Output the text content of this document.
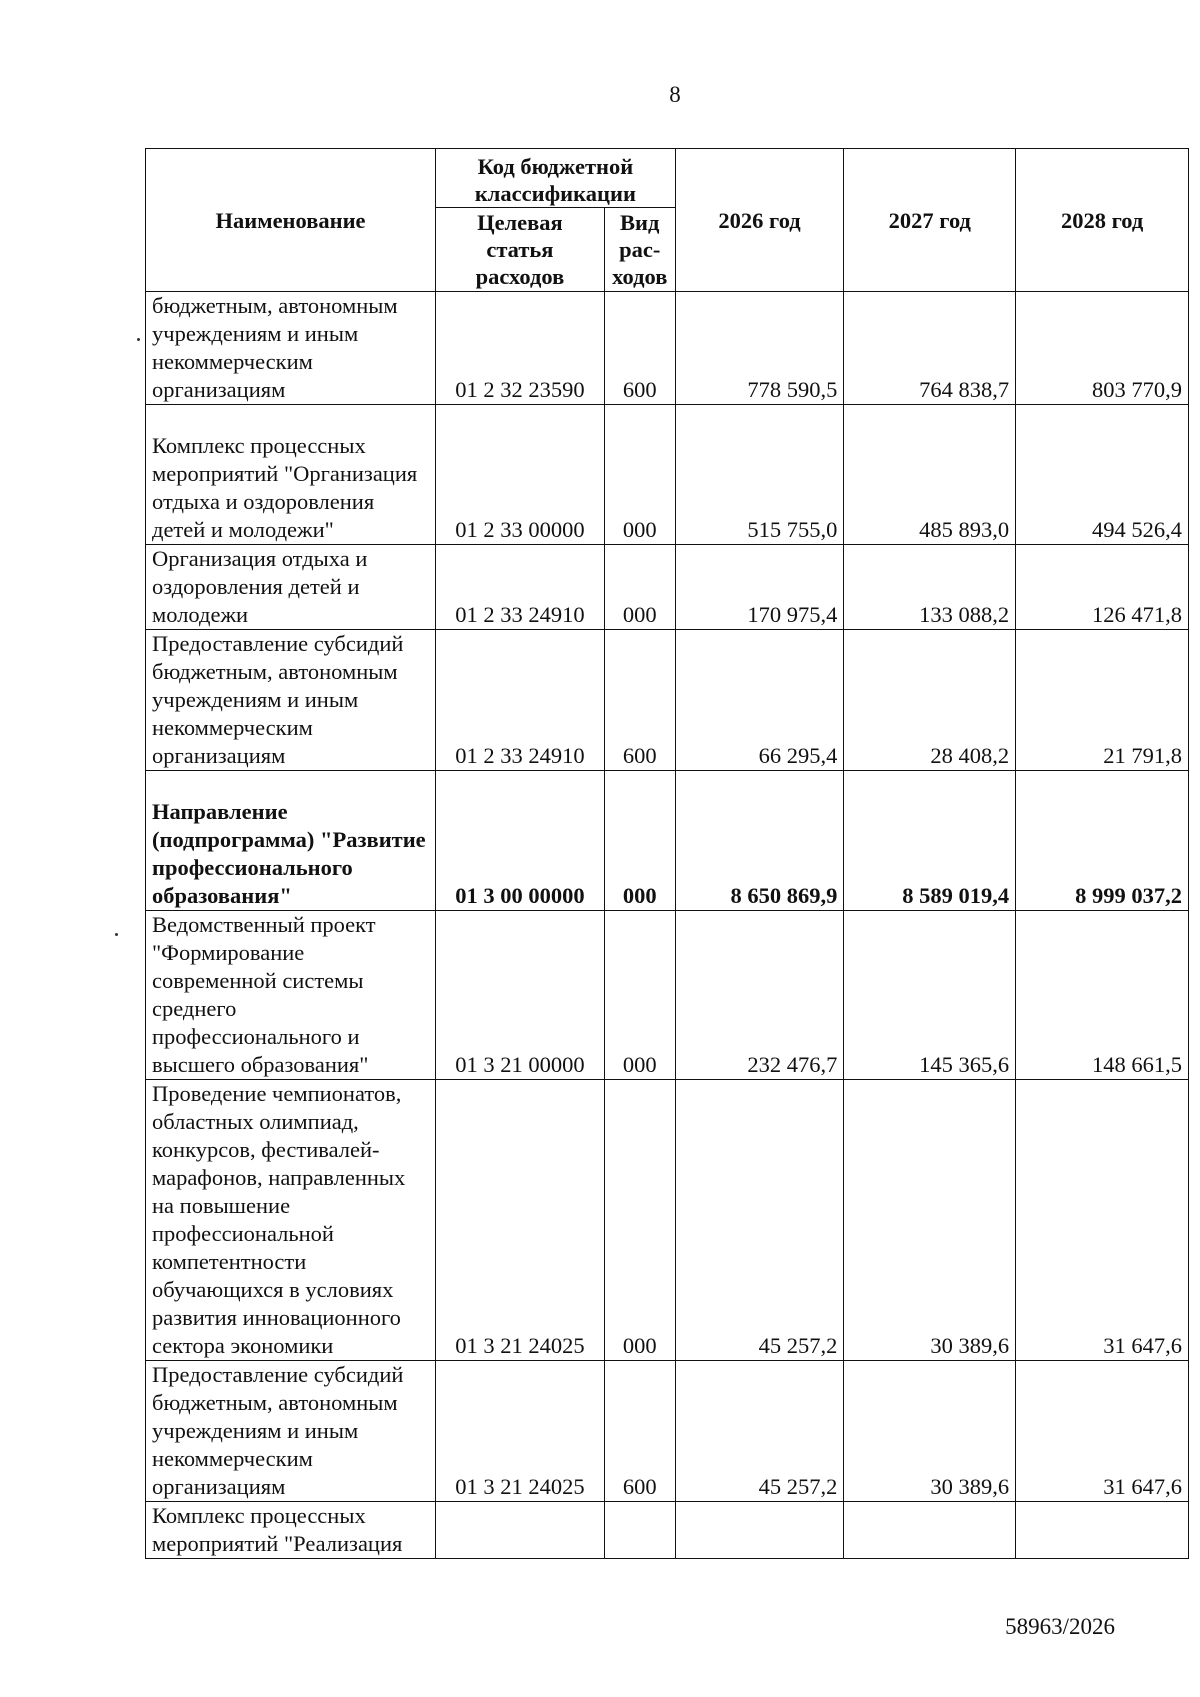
8
Наименование	Код бюджетной классификации		2026 год	2027 год	2028 год
	Целевая статья расходов	Вид рас-ходов			
бюджетным, автономным учреждениям и иным некоммерческим организациям	01 2 32 23590	600	778 590,5	764 838,7	803 770,9
Комплекс процессных мероприятий "Организация отдыха и оздоровления детей и молодежи"	01 2 33 00000	000	515 755,0	485 893,0	494 526,4
Организация отдыха и оздоровления детей и молодежи	01 2 33 24910	000	170 975,4	133 088,2	126 471,8
Предоставление субсидий бюджетным, автономным учреждениям и иным некоммерческим организациям	01 2 33 24910	600	66 295,4	28 408,2	21 791,8
Направление (подпрограмма) "Развитие профессионального образования"	01 3 00 00000	000	8 650 869,9	8 589 019,4	8 999 037,2
Ведомственный проект "Формирование современной системы среднего профессионального и высшего образования"	01 3 21 00000	000	232 476,7	145 365,6	148 661,5
Проведение чемпионатов, областных олимпиад, конкурсов, фестивалей-марафонов, направленных на повышение профессиональной компетентности обучающихся в условиях развития инновационного сектора экономики	01 3 21 24025	000	45 257,2	30 389,6	31 647,6
Предоставление субсидий бюджетным, автономным учреждениям и иным некоммерческим организациям	01 3 21 24025	600	45 257,2	30 389,6	31 647,6
Комплекс процессных мероприятий "Реализация					
58963/2026
